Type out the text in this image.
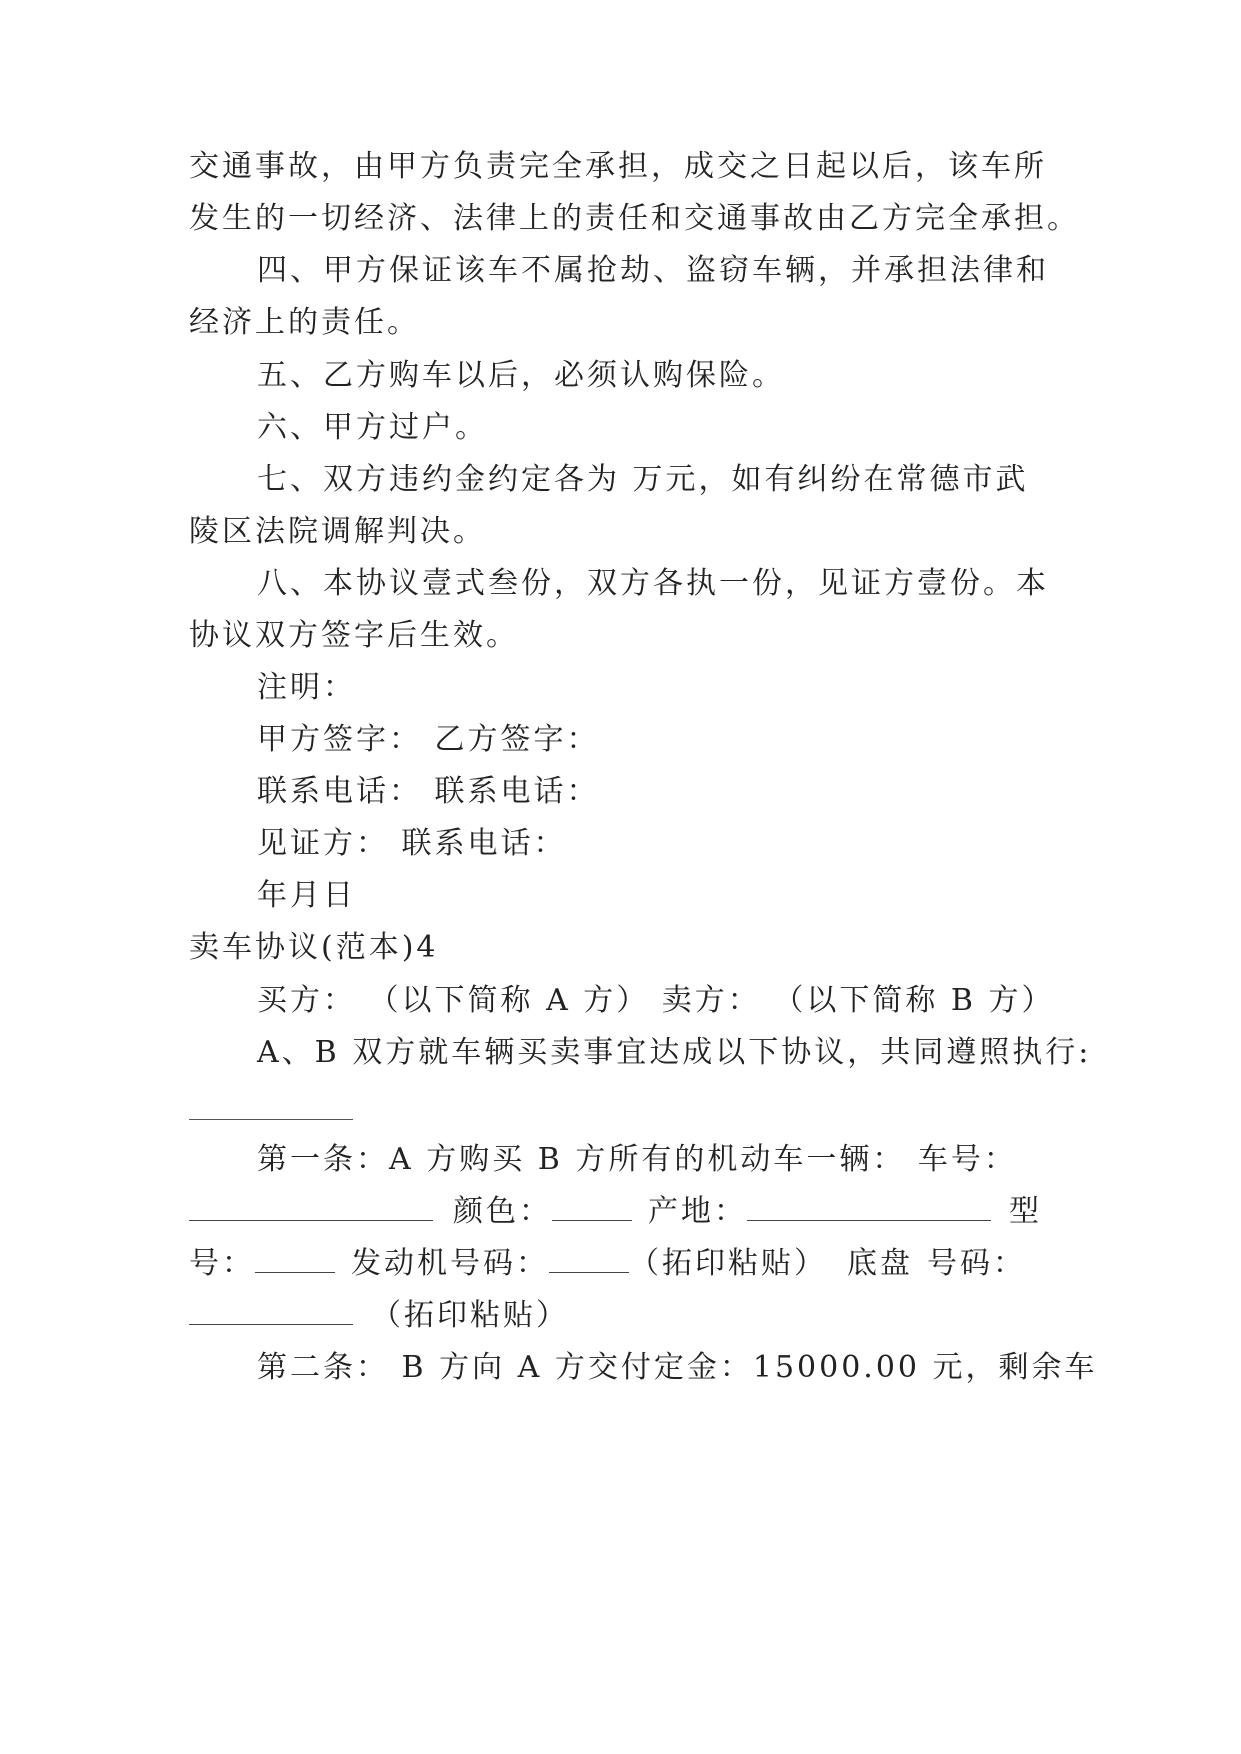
交通事故，由甲方负责完全承担，成交之日起以后，该车所
发生的一切经济、法律上的责任和交通事故由乙方完全承担。
四、甲方保证该车不属抢劫、盗窃车辆，并承担法律和
经济上的责任。
五、乙方购车以后，必须认购保险。
六、甲方过户。
七、双方违约金约定各为 万元，如有纠纷在常德市武
陵区法院调解判决。
八、本协议壹式叁份，双方各执一份，见证方壹份。本
协议双方签字后生效。
注明：
甲方签字： 乙方签字：
联系电话： 联系电话：
见证方： 联系电话：
年月日
卖车协议(范本)4
买方： （以下简称 A 方） 卖方： （以下简称 B 方）
A、B 双方就车辆买卖事宜达成以下协议，共同遵照执行:
第一条：A 方购买 B 方所有的机动车一辆： 车号：
颜色：	产地：	型
号：	发动机号码：	（拓印粘贴） 底盘 号码：
（拓印粘贴）
第二条： B 方向 A 方交付定金：15000.00 元，剩余车
